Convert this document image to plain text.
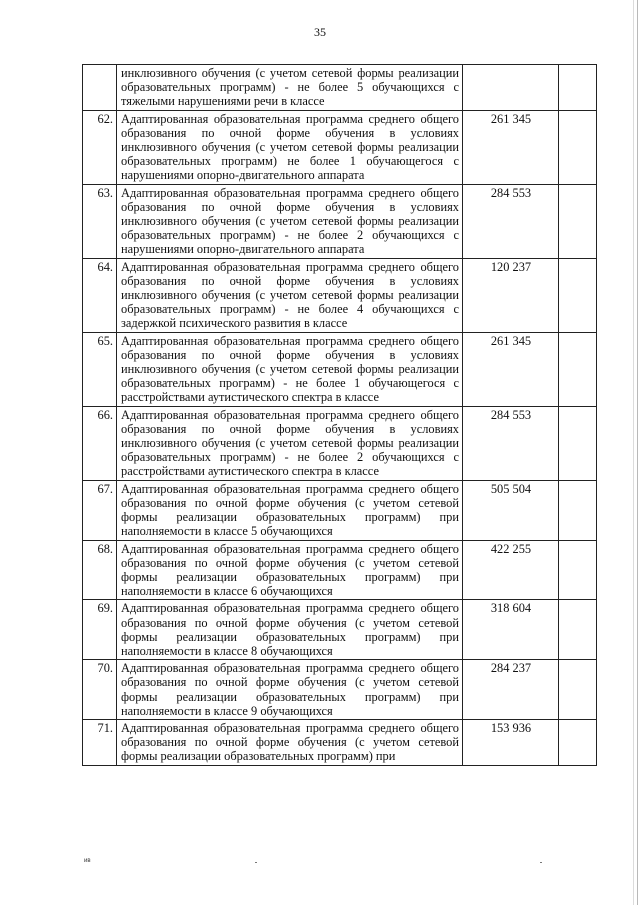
35
	инклюзивного обучения (с учетом сетевой формы реализации образовательных программ) - не более 5 обучающихся с тяжелыми нарушениями речи в классе		
62.	Адаптированная образовательная программа среднего общего образования по очной форме обучения в условиях инклюзивного обучения (с учетом сетевой формы реализации образовательных программ) не более 1 обучающегося с нарушениями опорно-двигательного аппарата	261 345	
63.	Адаптированная образовательная программа среднего общего образования по очной форме обучения в условиях инклюзивного обучения (с учетом сетевой формы реализации образовательных программ) - не более 2 обучающихся с нарушениями опорно-двигательного аппарата	284 553	
64.	Адаптированная образовательная программа среднего общего образования по очной форме обучения в условиях инклюзивного обучения (с учетом сетевой формы реализации образовательных программ) - не более 4 обучающихся с задержкой психического развития в классе	120 237	
65.	Адаптированная образовательная программа среднего общего образования по очной форме обучения в условиях инклюзивного обучения (с учетом сетевой формы реализации образовательных программ) - не более 1 обучающегося с расстройствами аутистического спектра в классе	261 345	
66.	Адаптированная образовательная программа среднего общего образования по очной форме обучения в условиях инклюзивного обучения (с учетом сетевой формы реализации образовательных программ) - не более 2 обучающихся с расстройствами аутистического спектра в классе	284 553	
67.	Адаптированная образовательная программа среднего общего образования по очной форме обучения (с учетом сетевой формы реализации образовательных программ) при наполняемости в классе 5 обучающихся	505 504	
68.	Адаптированная образовательная программа среднего общего образования по очной форме обучения (с учетом сетевой формы реализации образовательных программ) при наполняемости в классе 6 обучающихся	422 255	
69.	Адаптированная образовательная программа среднего общего образования по очной форме обучения (с учетом сетевой формы реализации образовательных программ) при наполняемости в классе 8 обучающихся	318 604	
70.	Адаптированная образовательная программа среднего общего образования по очной форме обучения (с учетом сетевой формы реализации образовательных программ) при наполняемости в классе 9 обучающихся	284 237	
71.	Адаптированная образовательная программа среднего общего образования по очной форме обучения (с учетом сетевой формы реализации образовательных программ) при	153 936	
ив
